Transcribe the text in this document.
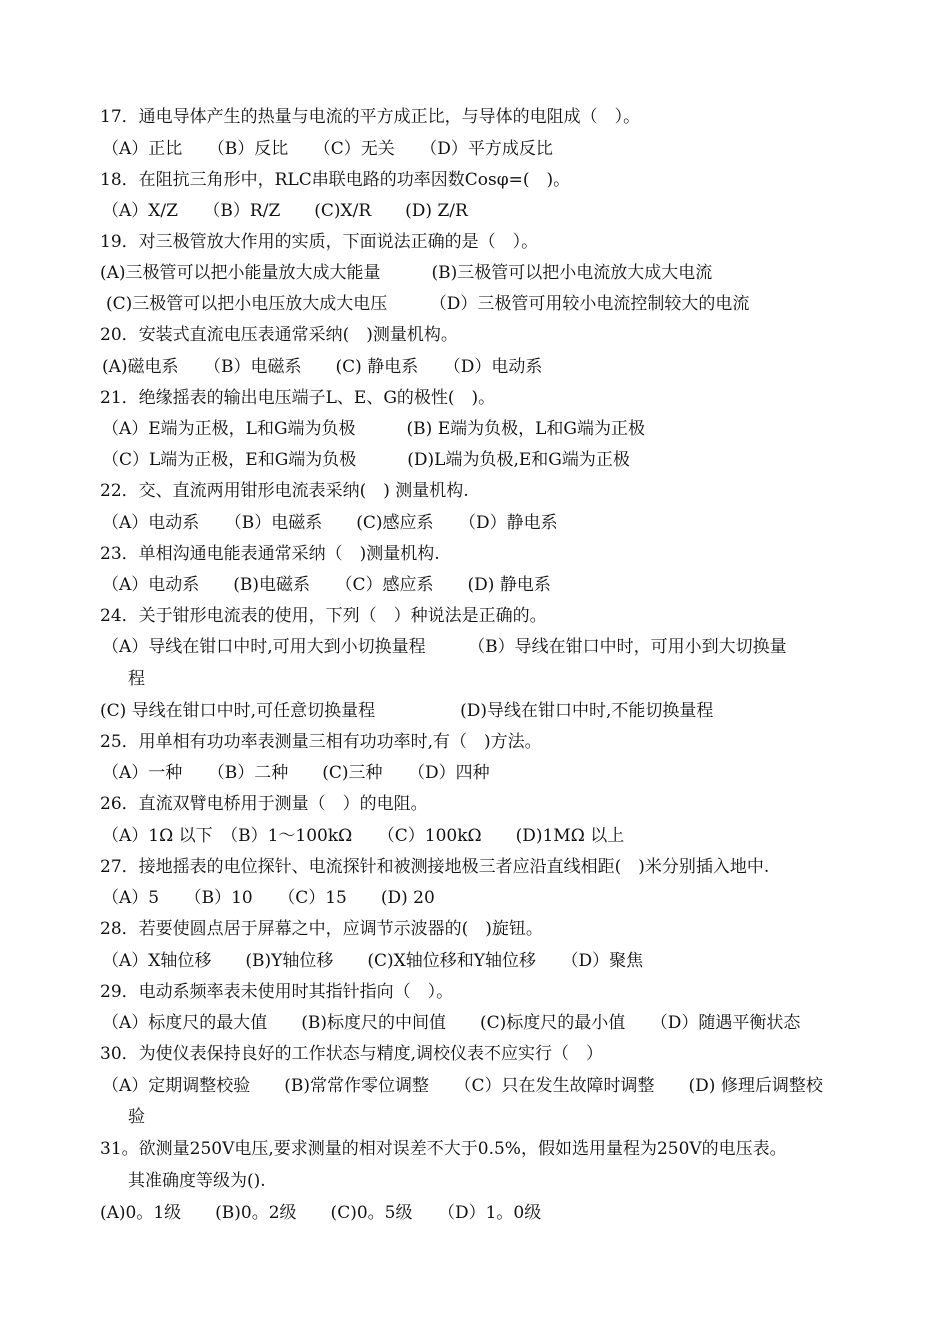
17．通电导体产生的热量与电流的平方成正比，与导体的电阻成（　）。
（A）正比　　（B）反比　　（C）无关　　（D）平方成反比
18．在阻抗三角形中，RLC串联电路的功率因数Cosφ=(　)。
（A）X/Z　　（B）R/Z　　(C)X/R　　(D) Z/R
19．对三极管放大作用的实质，下面说法正确的是（　）。
(A)三极管可以把小能量放大成大能量　　　(B)三极管可以把小电流放大成大电流
(C)三极管可以把小电压放大成大电压　　　（D）三极管可用较小电流控制较大的电流
20．安装式直流电压表通常采纳(　)测量机构。
(A)磁电系　　（B）电磁系　　(C) 静电系　　（D）电动系
21．绝缘摇表的输出电压端子L、E、G的极性(　)。
（A）E端为正极，L和G端为负极　　　(B) E端为负极，L和G端为正极
（C）L端为正极，E和G端为负极　　　(D)L端为负极,E和G端为正极
22．交、直流两用钳形电流表采纳(　) 测量机构.
（A）电动系　　（B）电磁系　　(C)感应系　　（D）静电系
23．单相沟通电能表通常采纳（　)测量机构.
（A）电动系　　(B)电磁系　　（C）感应系　　(D) 静电系
24．关于钳形电流表的使用，下列（　）种说法是正确的。
（A）导线在钳口中时,可用大到小切换量程　　　（B）导线在钳口中时，可用小到大切换量
程
(C) 导线在钳口中时,可任意切换量程　　　　　(D)导线在钳口中时,不能切换量程
25．用单相有功功率表测量三相有功功率时,有（　)方法。
（A）一种　　（B）二种　　(C)三种　　（D）四种
26．直流双臂电桥用于测量（　）的电阻。
（A）1Ω 以下　（B）1～100kΩ　　（C）100kΩ　　(D)1MΩ 以上
27．接地摇表的电位探针、电流探针和被测接地极三者应沿直线相距(　)米分别插入地中.
（A）5　　（B）10　　（C）15　　(D) 20
28．若要使圆点居于屏幕之中，应调节示波器的(　)旋钮。
（A）X轴位移　　(B)Y轴位移　　(C)X轴位移和Y轴位移　　（D）聚焦
29．电动系频率表未使用时其指针指向（　）。
（A）标度尺的最大值　　(B)标度尺的中间值　　(C)标度尺的最小值　　（D）随遇平衡状态
30．为使仪表保持良好的工作状态与精度,调校仪表不应实行（　）
（A）定期调整校验　　(B)常常作零位调整　　（C）只在发生故障时调整　　(D) 修理后调整校
验
31。欲测量250V电压,要求测量的相对误差不大于0.5%，假如选用量程为250V的电压表。
其准确度等级为().
(A)0。1级　　(B)0。2级　　(C)0。5级　　（D）1。0级
